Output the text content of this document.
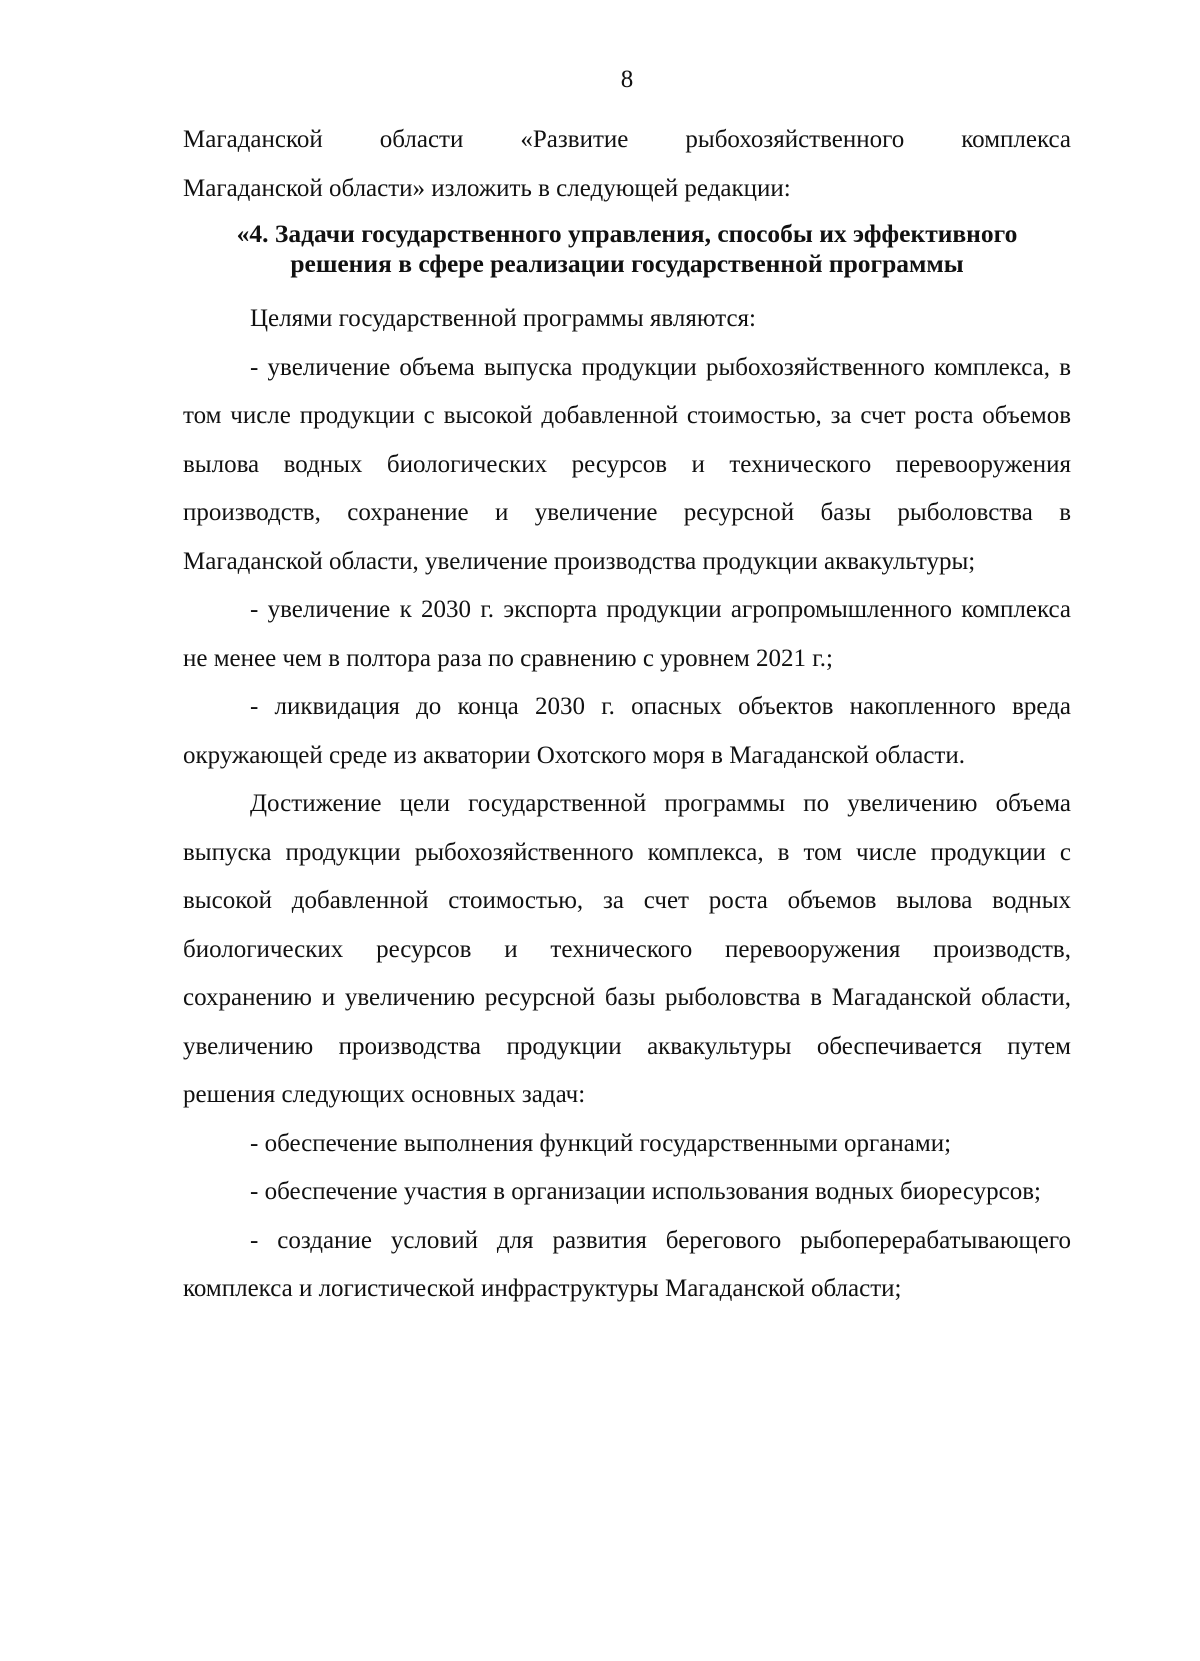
8

Магаданской области «Развитие рыбохозяйственного комплекса

Магаданской области» изложить в следующей редакции:

«4. Задачи государственного управления, способы их эффективного
решения в сфере реализации государственной программы

Целями государственной программы являются:

- увеличение объема выпуска продукции рыбохозяйственного комплекса, в том числе продукции с высокой добавленной стоимостью, за счет роста объемов вылова водных биологических ресурсов и технического перевооружения производств, сохранение и увеличение ресурсной базы рыболовства в Магаданской области, увеличение производства продукции аквакультуры;

- увеличение к 2030 г. экспорта продукции агропромышленного комплекса не менее чем в полтора раза по сравнению с уровнем 2021 г.;

- ликвидация до конца 2030 г. опасных объектов накопленного вреда окружающей среде из акватории Охотского моря в Магаданской области.

Достижение цели государственной программы по увеличению объема выпуска продукции рыбохозяйственного комплекса, в том числе продукции с высокой добавленной стоимостью, за счет роста объемов вылова водных биологических ресурсов и технического перевооружения производств, сохранению и увеличению ресурсной базы рыболовства в Магаданской области, увеличению производства продукции аквакультуры обеспечивается путем решения следующих основных задач:

- обеспечение выполнения функций государственными органами;

- обеспечение участия в организации использования водных биоресурсов;

- создание условий для развития берегового рыбоперерабатывающего комплекса и логистической инфраструктуры Магаданской области;
